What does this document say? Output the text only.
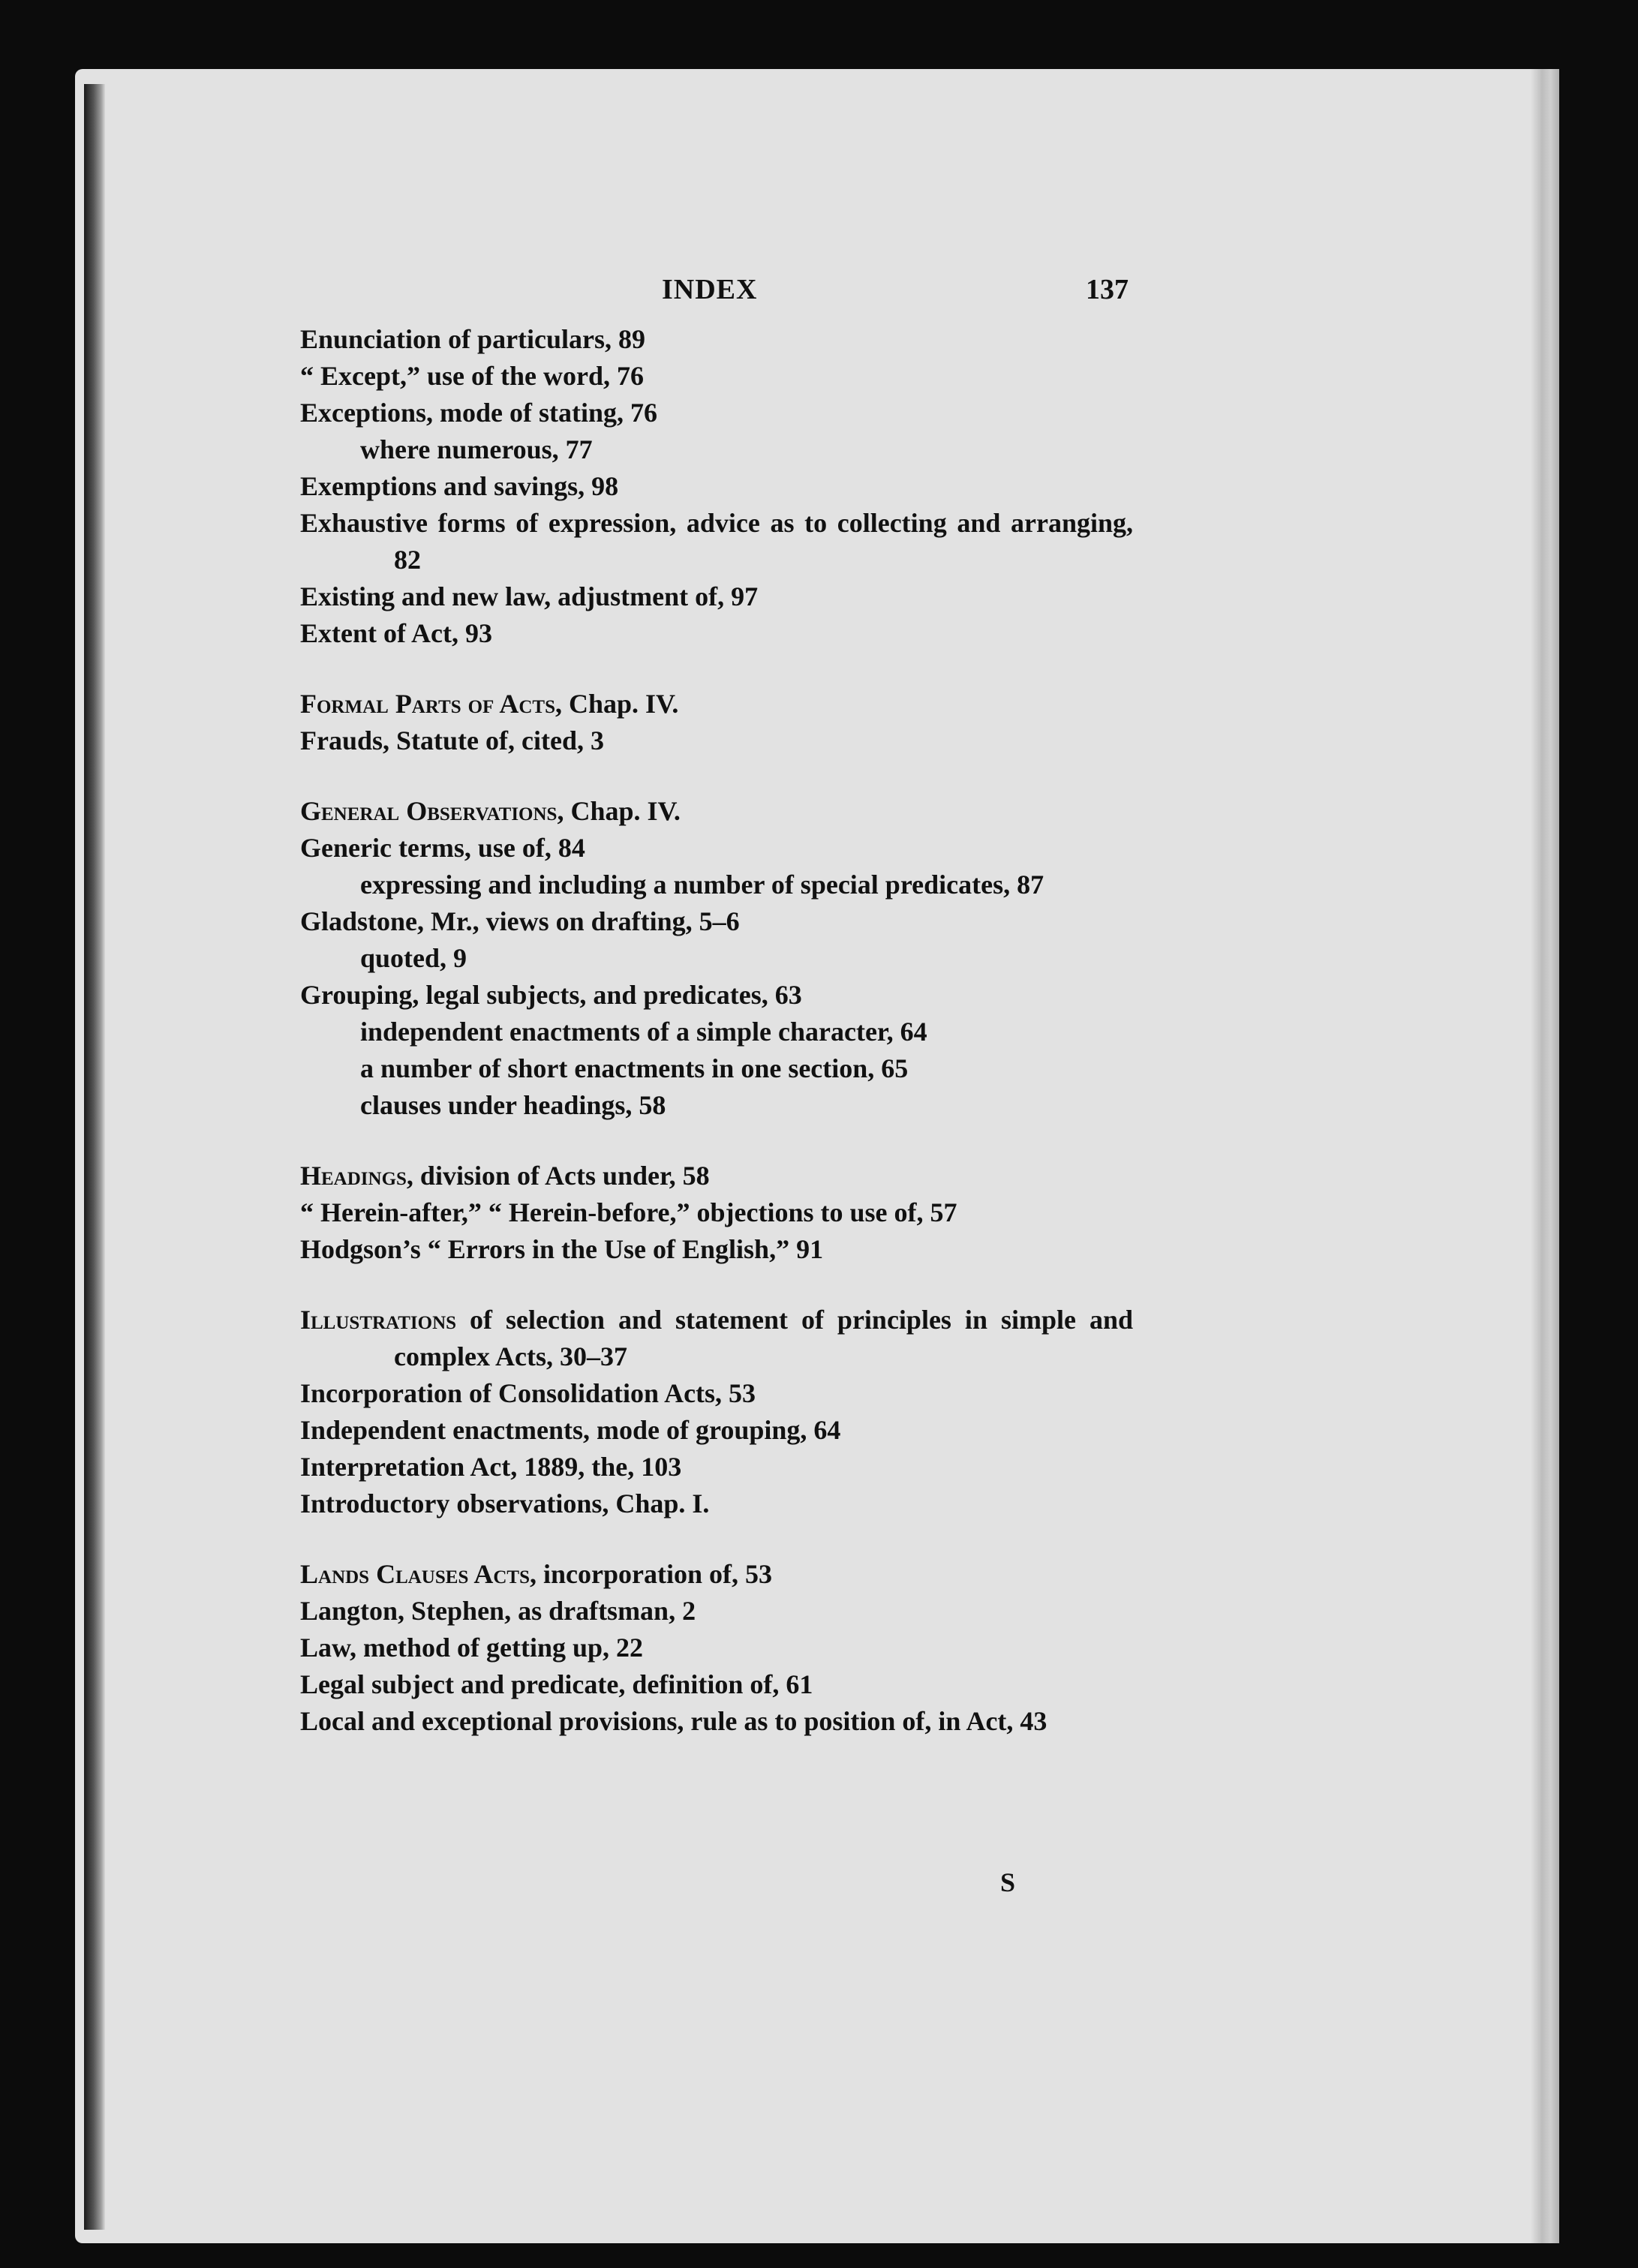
INDEX	137

Enunciation of particulars, 89

“ Except,” use of the word, 76

Exceptions, mode of stating, 76

where numerous, 77

Exemptions and savings, 98

Exhaustive forms of expression, advice as to collecting and arranging, 82

Existing and new law, adjustment of, 97

Extent of Act, 93

Formal Parts of Acts, Chap. IV.

Frauds, Statute of, cited, 3

General Observations, Chap. IV.

Generic terms, use of, 84

expressing and including a number of special predicates, 87

Gladstone, Mr., views on drafting, 5–6

quoted, 9

Grouping, legal subjects, and predicates, 63

independent enactments of a simple character, 64

a number of short enactments in one section, 65

clauses under headings, 58

Headings, division of Acts under, 58

“ Herein-after,” “ Herein-before,” objections to use of, 57

Hodgson’s “ Errors in the Use of English,” 91

Illustrations of selection and statement of principles in simple and complex Acts, 30–37

Incorporation of Consolidation Acts, 53

Independent enactments, mode of grouping, 64

Interpretation Act, 1889, the, 103

Introductory observations, Chap. I.

Lands Clauses Acts, incorporation of, 53

Langton, Stephen, as draftsman, 2

Law, method of getting up, 22

Legal subject and predicate, definition of, 61

Local and exceptional provisions, rule as to position of, in Act, 43

S
